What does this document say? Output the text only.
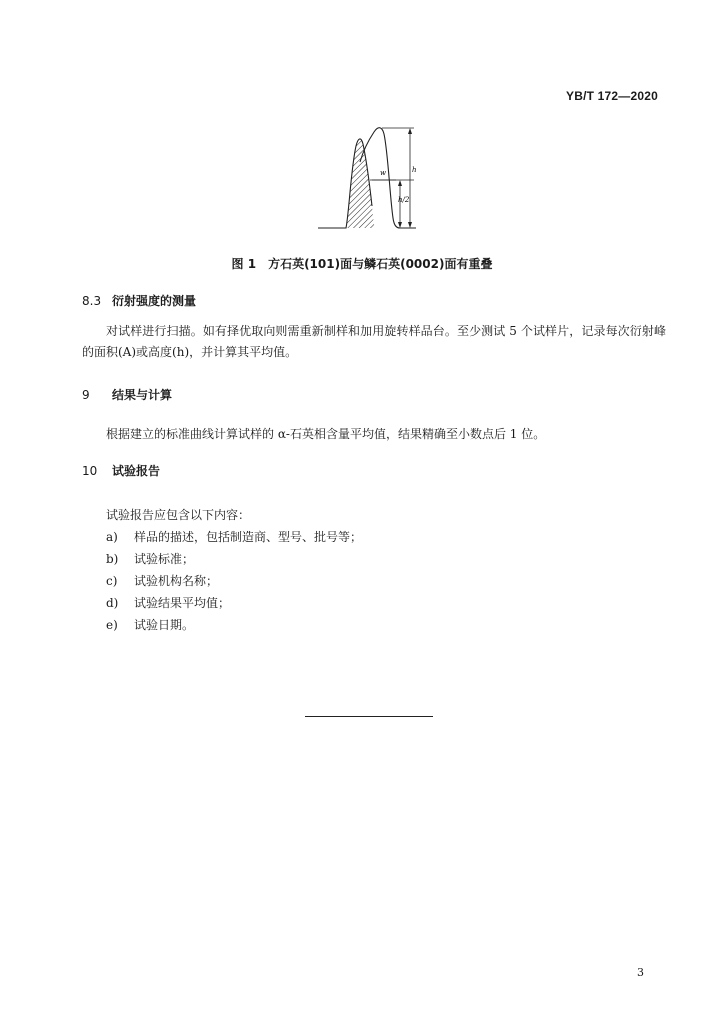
YB/T 172—2020
w	h
h/2
图 1 方石英(101)面与鳞石英(0002)面有重叠
8.3 衍射强度的测量
对试样进行扫描。如有择优取向则需重新制样和加用旋转样品台。至少测试 5 个试样片，记录每次衍射峰的面积(A)或高度(h)，并计算其平均值。
9 结果与计算
根据建立的标准曲线计算试样的 α-石英相含量平均值，结果精确至小数点后 1 位。
10 试验报告
试验报告应包含以下内容：
a) 样品的描述，包括制造商、型号、批号等；
b) 试验标准；
c) 试验机构名称；
d) 试验结果平均值；
e) 试验日期。
3
